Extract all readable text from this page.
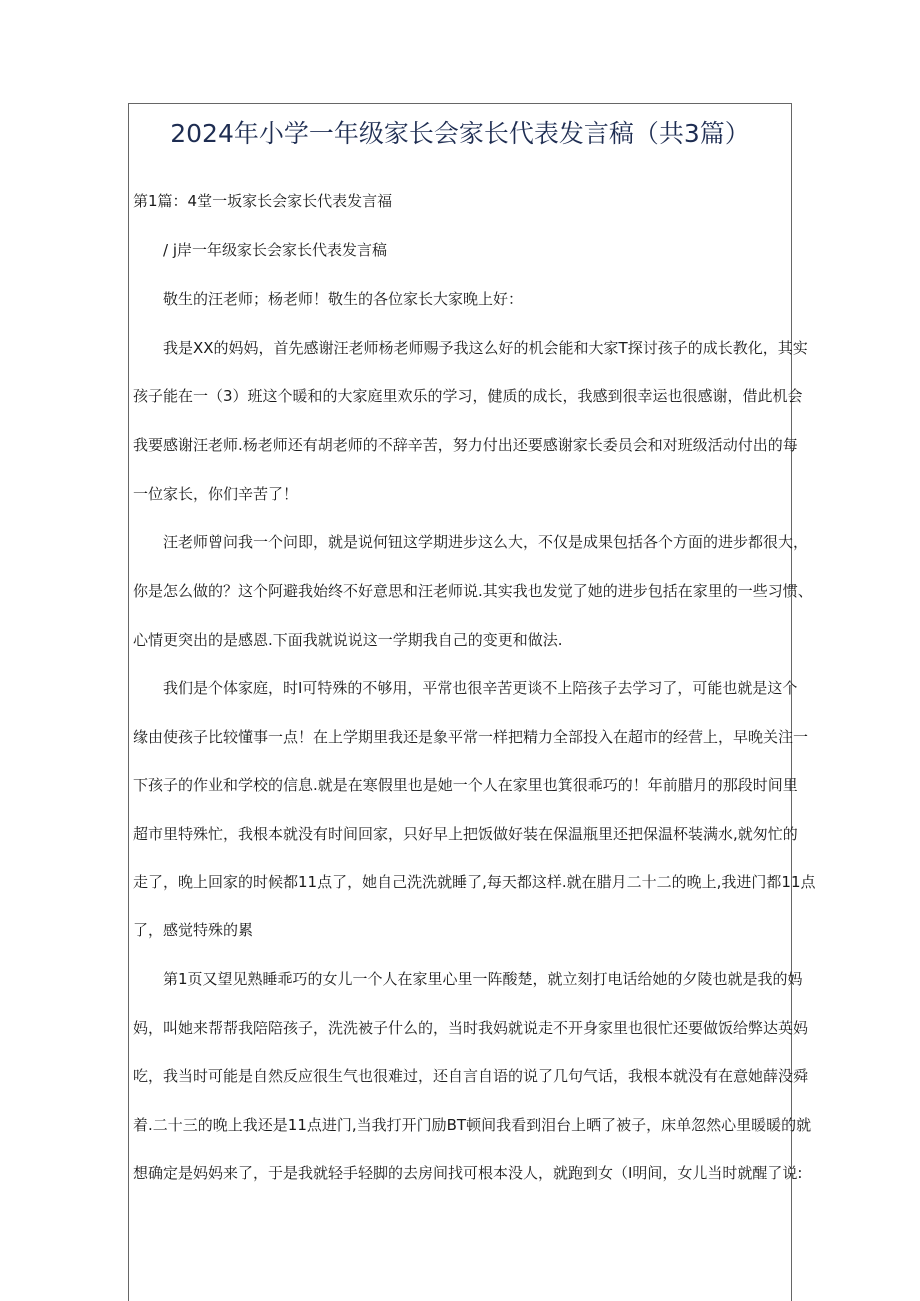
2024年小学一年级家长会家长代表发言稿（共3篇）

第1篇：4堂一坂家长会家长代表发言福

/ j岸一年级家长会家长代表发言稿

敬生的汪老师；杨老师！敬生的各位家长大家晚上好：

我是XX的妈妈，首先感谢汪老师杨老师赐予我这么好的机会能和大家T探讨孩子的成长教化，其实

孩子能在一（3）班这个暖和的大家庭里欢乐的学习，健质的成长，我感到很幸运也很感谢，借此机会

我要感谢汪老师.杨老师还有胡老师的不辞辛苦，努力付出还要感谢家长委员会和对班级活动付出的每

一位家长，你们辛苦了！

汪老师曾问我一个问即，就是说何钮这学期进步这么大，不仅是成果包括各个方面的进步都很大，

你是怎么做的？这个阿避我始终不好意思和汪老师说.其实我也发觉了她的进步包括在家里的一些习惯、

心情更突出的是感恩.下面我就说说这一学期我自己的变更和做法.

我们是个体家庭，时I可特殊的不够用，平常也很辛苦更谈不上陪孩子去学习了，可能也就是这个

缘由使孩子比较懂事一点！在上学期里我还是象平常一样把精力全部投入在超市的经营上，早晚关注一

下孩子的作业和学校的信息.就是在寒假里也是她一个人在家里也箕很乖巧的！年前腊月的那段时间里

超市里特殊忙，我根本就没有时间回家，只好早上把饭做好装在保温瓶里还把保温杯装满水,就匆忙的

走了，晚上回家的时候都11点了，她自己洗洗就睡了,每天都这样.就在腊月二十二的晚上,我进门都11点

了，感觉特殊的累

第1页又望见熟睡乖巧的女儿一个人在家里心里一阵酸楚，就立刻打电话给她的夕陵也就是我的妈

妈，叫她来帮帮我陪陪孩子，洗洗被子什么的，当时我妈就说走不开身家里也很忙还要做饭给弊达英妈

吃，我当时可能是自然反应很生气也很难过，还自言自语的说了几句气话，我根本就没有在意她薛没舜

着.二十三的晚上我还是11点进门,当我打开门励BT顿间我看到泪台上晒了被子，床单忽然心里暖暖的就

想确定是妈妈来了，于是我就轻手轻脚的去房间找可根本没人，就跑到女（I明间，女儿当时就醒了说:
